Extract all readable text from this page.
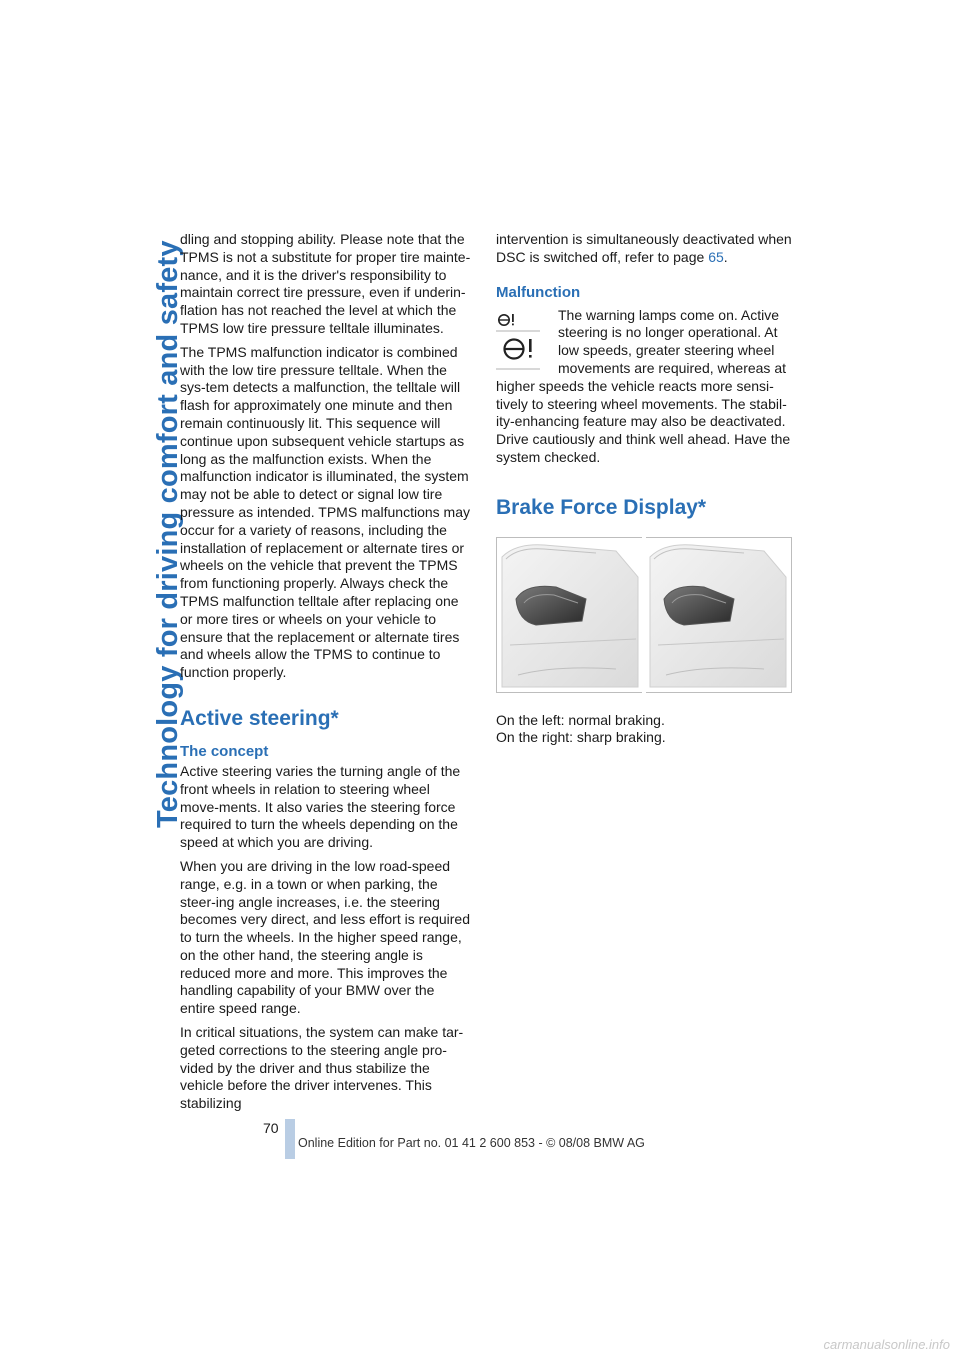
Technology for driving comfort and safety

dling and stopping ability. Please note that the TPMS is not a substitute for proper tire mainte-nance, and it is the driver's responsibility to maintain correct tire pressure, even if underin-flation has not reached the level at which the TPMS low tire pressure telltale illuminates.

The TPMS malfunction indicator is combined with the low tire pressure telltale. When the sys-tem detects a malfunction, the telltale will flash for approximately one minute and then remain continuously lit. This sequence will continue upon subsequent vehicle startups as long as the malfunction exists. When the malfunction indicator is illuminated, the system may not be able to detect or signal low tire pressure as intended. TPMS malfunctions may occur for a variety of reasons, including the installation of replacement or alternate tires or wheels on the vehicle that prevent the TPMS from functioning properly. Always check the TPMS malfunction telltale after replacing one or more tires or wheels on your vehicle to ensure that the replacement or alternate tires and wheels allow the TPMS to continue to function properly.

Active steering*
The concept

Active steering varies the turning angle of the front wheels in relation to steering wheel move-ments. It also varies the steering force required to turn the wheels depending on the speed at which you are driving.

When you are driving in the low road-speed range, e.g. in a town or when parking, the steer-ing angle increases, i.e. the steering becomes very direct, and less effort is required to turn the wheels. In the higher speed range, on the other hand, the steering angle is reduced more and more. This improves the handling capability of your BMW over the entire speed range.

In critical situations, the system can make tar-geted corrections to the steering angle pro-vided by the driver and thus stabilize the vehicle before the driver intervenes. This stabilizing

intervention is simultaneously deactivated when DSC is switched off, refer to page 65.

Malfunction
The warning lamps come on. Active steering is no longer operational. At low speeds, greater steering wheel movements are required, whereas at

higher speeds the vehicle reacts more sensi-tively to steering wheel movements. The stabil-ity-enhancing feature may also be deactivated. Drive cautiously and think well ahead. Have the system checked.

Brake Force Display*

On the left: normal braking.

On the right: sharp braking.

70
Online Edition for Part no. 01 41 2 600 853 - © 08/08 BMW AG
carmanualsonline.info
